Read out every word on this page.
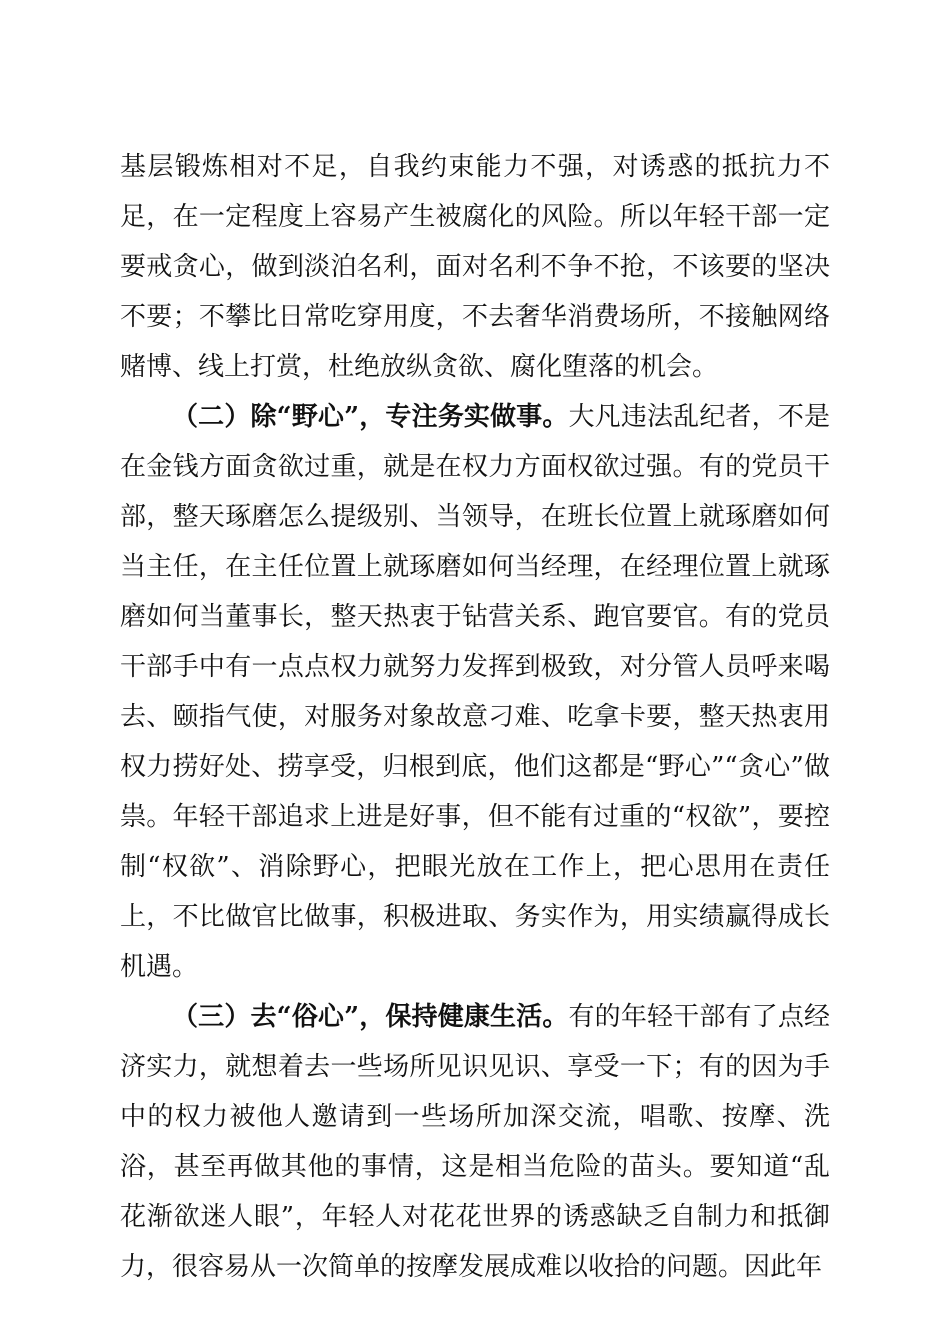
基层锻炼相对不足，自我约束能力不强，对诱惑的抵抗力不足，在一定程度上容易产生被腐化的风险。所以年轻干部一定要戒贪心，做到淡泊名利，面对名利不争不抢，不该要的坚决不要；不攀比日常吃穿用度，不去奢华消费场所，不接触网络赌博、线上打赏，杜绝放纵贪欲、腐化堕落的机会。

（二）除“野心”，专注务实做事。大凡违法乱纪者，不是在金钱方面贪欲过重，就是在权力方面权欲过强。有的党员干部，整天琢磨怎么提级别、当领导，在班长位置上就琢磨如何当主任，在主任位置上就琢磨如何当经理，在经理位置上就琢磨如何当董事长，整天热衷于钻营关系、跑官要官。有的党员干部手中有一点点权力就努力发挥到极致，对分管人员呼来喝去、颐指气使，对服务对象故意刁难、吃拿卡要，整天热衷用权力捞好处、捞享受，归根到底，他们这都是“野心”“贪心”做祟。年轻干部追求上进是好事，但不能有过重的“权欲”，要控制“权欲”、消除野心，把眼光放在工作上，把心思用在责任上，不比做官比做事，积极进取、务实作为，用实绩赢得成长机遇。

（三）去“俗心”，保持健康生活。有的年轻干部有了点经济实力，就想着去一些场所见识见识、享受一下；有的因为手中的权力被他人邀请到一些场所加深交流，唱歌、按摩、洗浴，甚至再做其他的事情，这是相当危险的苗头。要知道“乱花渐欲迷人眼”，年轻人对花花世界的诱惑缺乏自制力和抵御力，很容易从一次简单的按摩发展成难以收拾的问题。因此年
